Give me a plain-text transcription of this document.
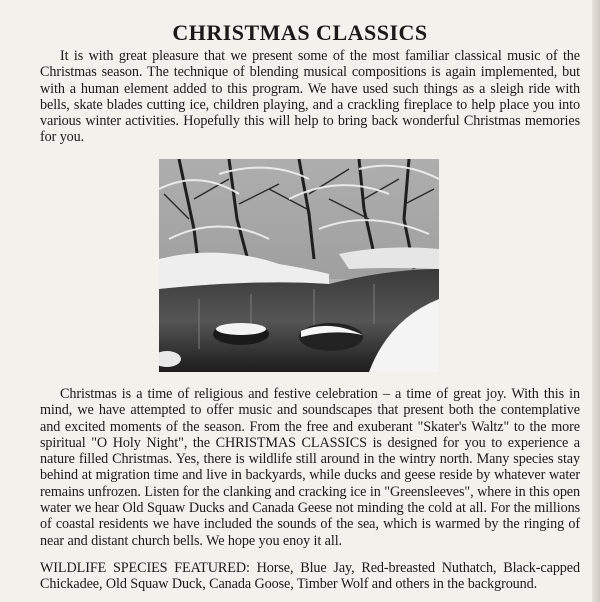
CHRISTMAS CLASSICS

It is with great pleasure that we present some of the most familiar classical music of the Christmas season. The technique of blending musical compositions is again implemented, but with a human element added to this program. We have used such things as a sleigh ride with bells, skate blades cutting ice, children playing, and a crackling fireplace to help place you into various winter activities. Hopefully this will help to bring back wonderful Christmas memories for you.

Christmas is a time of religious and festive celebration – a time of great joy. With this in mind, we have attempted to offer music and soundscapes that present both the contemplative and excited moments of the season. From the free and exuberant "Skater's Waltz" to the more spiritual "O Holy Night", the CHRISTMAS CLASSICS is designed for you to experience a nature filled Christmas. Yes, there is wildlife still around in the wintry north. Many species stay behind at migration time and live in backyards, while ducks and geese reside by whatever water remains unfrozen. Listen for the clanking and cracking ice in "Greensleeves", where in this open water we hear Old Squaw Ducks and Canada Geese not minding the cold at all. For the millions of coastal residents we have included the sounds of the sea, which is warmed by the ringing of near and distant church bells. We hope you enoy it all.

WILDLIFE SPECIES FEATURED: Horse, Blue Jay, Red-breasted Nuthatch, Black-capped Chickadee, Old Squaw Duck, Canada Goose, Timber Wolf and others in the background.
